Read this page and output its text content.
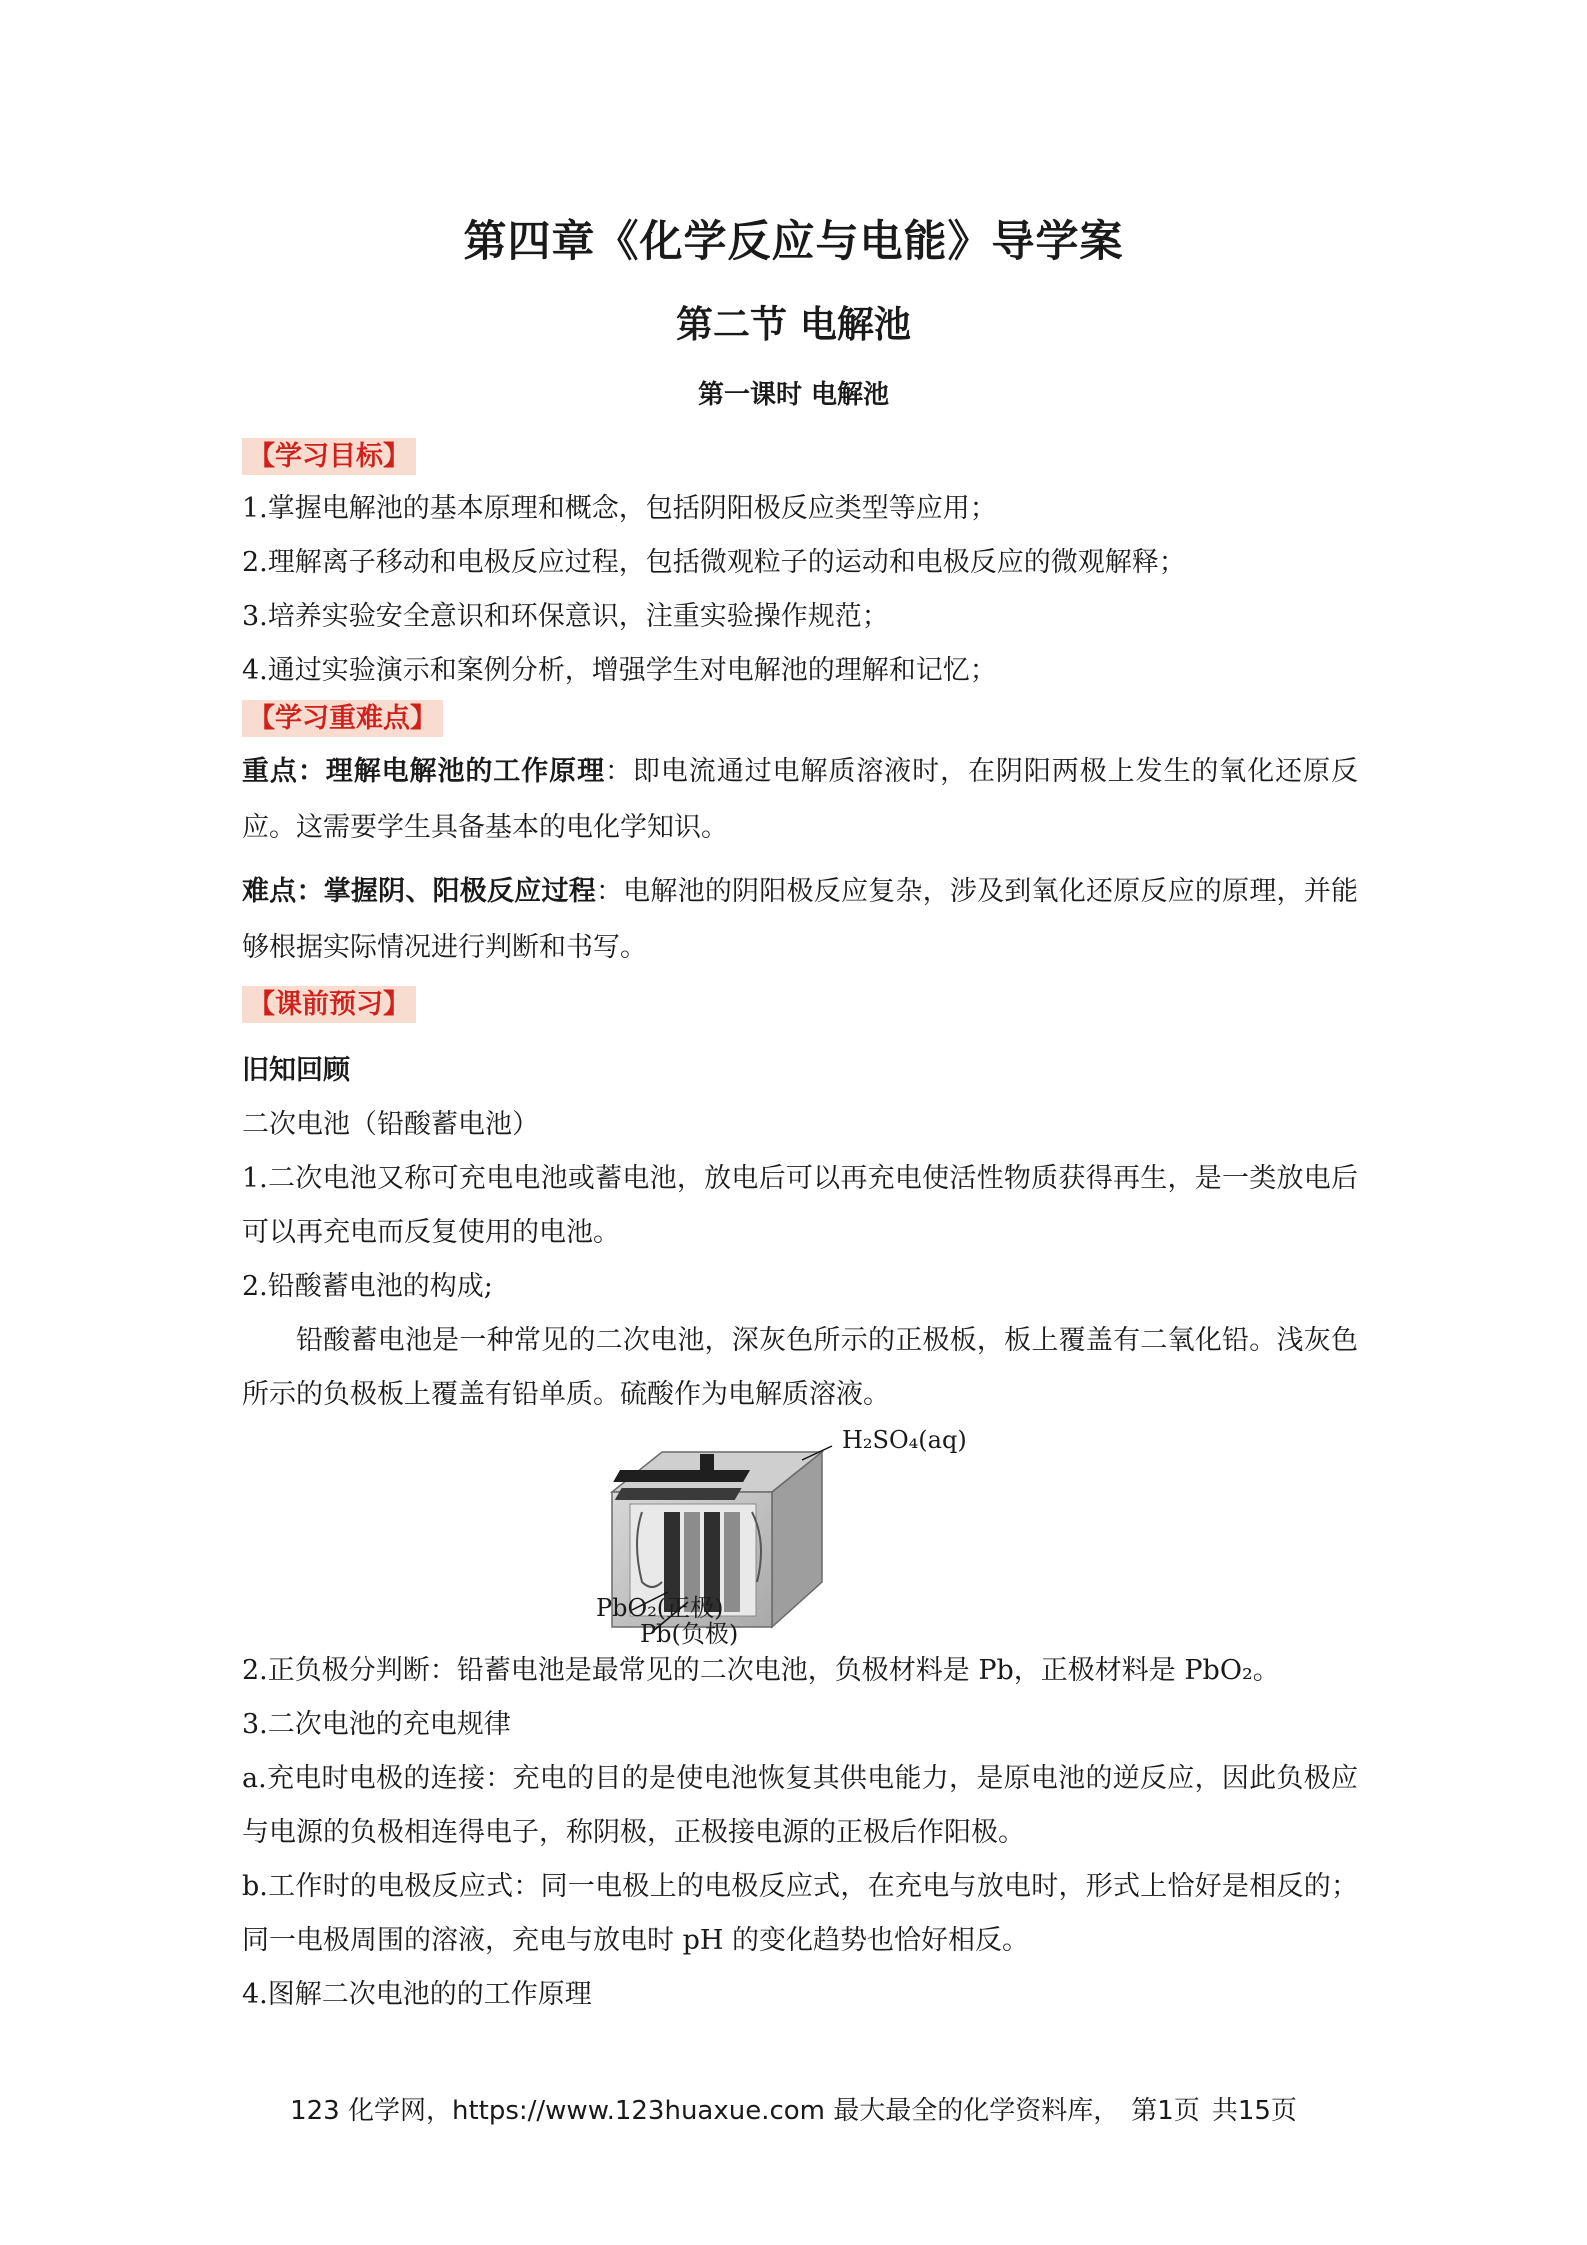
第四章《化学反应与电能》导学案
第二节 电解池
第一课时 电解池
【学习目标】

1.掌握电解池的基本原理和概念，包括阴阳极反应类型等应用；

2.理解离子移动和电极反应过程，包括微观粒子的运动和电极反应的微观解释；

3.培养实验安全意识和环保意识，注重实验操作规范；

4.通过实验演示和案例分析，增强学生对电解池的理解和记忆；

【学习重难点】

重点：理解电解池的工作原理：即电流通过电解质溶液时，在阴阳两极上发生的氧化还原反应。这需要学生具备基本的电化学知识。

难点：掌握阴、阳极反应过程：电解池的阴阳极反应复杂，涉及到氧化还原反应的原理，并能够根据实际情况进行判断和书写。

【课前预习】

旧知回顾

二次电池（铅酸蓄电池）

1.二次电池又称可充电电池或蓄电池，放电后可以再充电使活性物质获得再生，是一类放电后可以再充电而反复使用的电池。

2.铅酸蓄电池的构成;

铅酸蓄电池是一种常见的二次电池，深灰色所示的正极板，板上覆盖有二氧化铅。浅灰色所示的负极板上覆盖有铅单质。硫酸作为电解质溶液。

H₂SO₄(aq)
PbO₂(正极)
Pb(负极)

2.正负极分判断：铅蓄电池是最常见的二次电池，负极材料是 Pb，正极材料是 PbO₂。

3.二次电池的充电规律

a.充电时电极的连接：充电的目的是使电池恢复其供电能力，是原电池的逆反应，因此负极应与电源的负极相连得电子，称阴极，正极接电源的正极后作阳极。

b.工作时的电极反应式：同一电极上的电极反应式，在充电与放电时，形式上恰好是相反的；同一电极周围的溶液，充电与放电时 pH 的变化趋势也恰好相反。

4.图解二次电池的的工作原理

123 化学网，https://www.123huaxue.com 最大最全的化学资料库， 第1页 共15页
